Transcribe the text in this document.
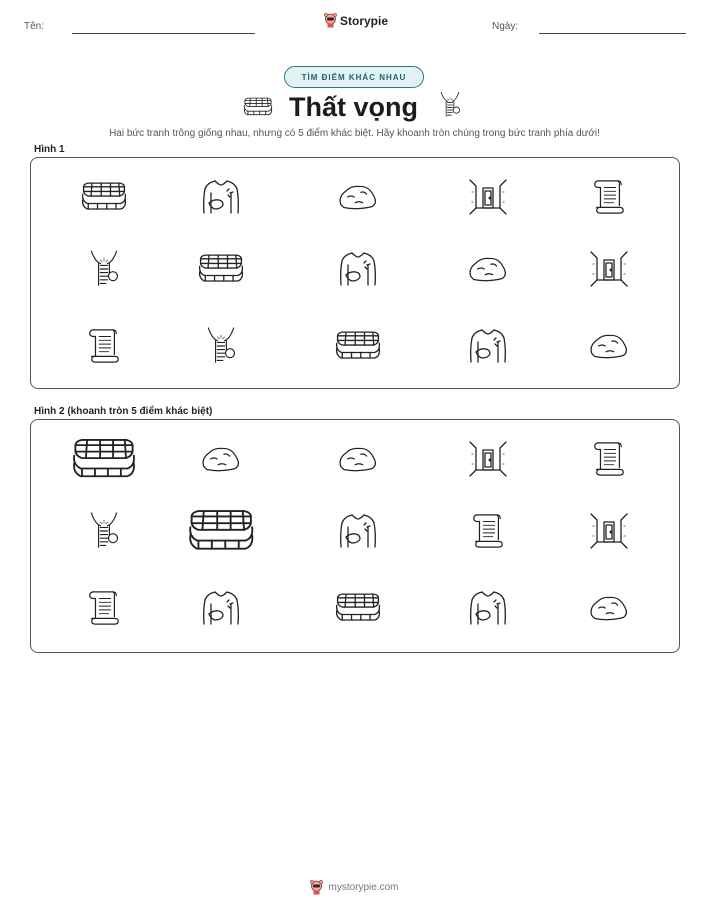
Tên:	Storypie	Ngày:
TÌM ĐIỂM KHÁC NHAU
Thất vọng
Hai bức tranh trông giống nhau, nhưng có 5 điểm khác biệt. Hãy khoanh tròn chúng trong bức tranh phía dưới!
Hình 1
Hình 2 (khoanh tròn 5 điểm khác biệt)
mystorypie.com
